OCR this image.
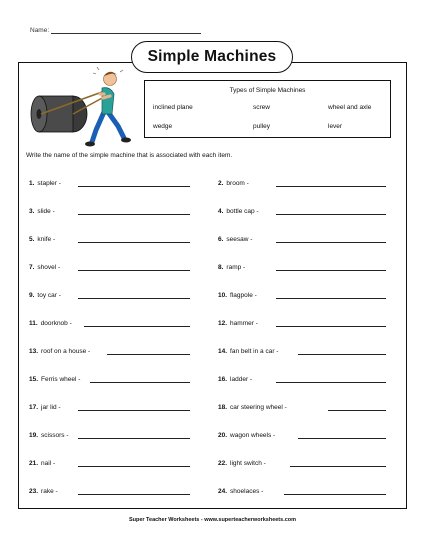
Name:
Simple Machines
Types of Simple Machines
inclined plane	screw	wheel and axle
wedge	pulley	lever
Write the name of the simple machine that is associated with each item.
1. stapler -	2. broom -
3. slide -	4. bottle cap -
5. knife -	6. seesaw -
7. shovel -	8. ramp -
9. toy car -	10. flagpole -
11. doorknob -	12. hammer -
13. roof on a house -	14. fan belt in a car -
15. Ferris wheel -	16. ladder -
17. jar lid -	18. car steering wheel -
19. scissors -	20. wagon wheels -
21. nail -	22. light switch -
23. rake -	24. shoelaces -
Super Teacher Worksheets - www.superteacherworksheets.com
